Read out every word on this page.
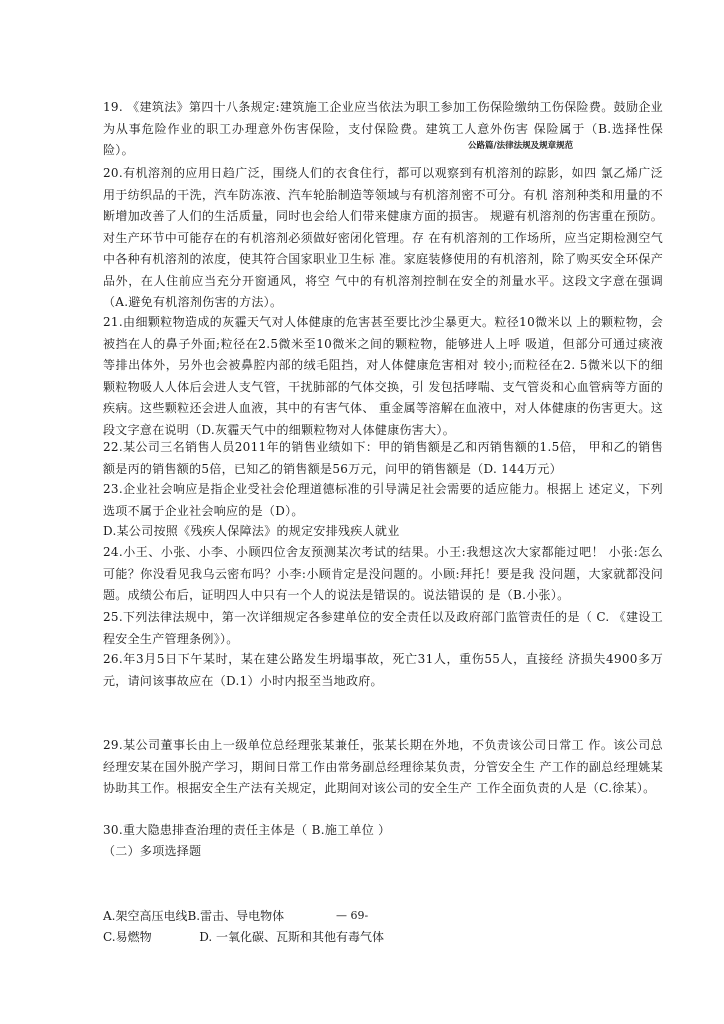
19. 《建筑法》第四十八条规定:建筑施工企业应当依法为职工参加工伤保险缴纳工伤保险费。鼓励企业为从事危险作业的职工办理意外伤害保险，支付保险费。建筑工人意外伤害 保险属于（B.选择性保险）。	公路篇/法律法规及规章规范
20.有机溶剂的应用日趋广泛，围绕人们的衣食住行，都可以观察到有机溶剂的踪影，如四 氯乙烯广泛用于纺织品的干洗，汽车防冻液、汽车轮胎制造等领域与有机溶剂密不可分。有机 溶剂种类和用量的不断增加改善了人们的生活质量，同时也会给人们带来健康方面的损害。 规避有机溶剂的伤害重在预防。对生产环节中可能存在的有机溶剂必须做好密闭化管理。存 在有机溶剂的工作场所，应当定期检测空气中各种有机溶剂的浓度，使其符合国家职业卫生标 准。家庭装修使用的有机溶剂，除了购买安全环保产品外，在人住前应当充分开窗通风，将空 气中的有机溶剂控制在安全的剂量水平。这段文字意在强调（A.避免有机溶剂伤害的方法）。
21.由细颗粒物造成的灰霾天气对人体健康的危害甚至要比沙尘暴更大。粒径10微米以 上的颗粒物，会被挡在人的鼻子外面;粒径在2.5微米至10微米之间的颗粒物，能够进人上呼 吸道，但部分可通过痰液等排出体外，另外也会被鼻腔内部的绒毛阻挡，对人体健康危害相对 较小;而粒径在2. 5微米以下的细颗粒物吸人人体后会进人支气管，干扰肺部的气体交换，引 发包括哮喘、支气管炎和心血管病等方面的疾病。这些颗粒还会进人血液，其中的有害气体、 重金属等溶解在血液中，对人体健康的伤害更大。这段文字意在说明（D.灰霾天气中的细颗粒物对人体健康伤害大）。
22.某公司三名销售人员2011年的销售业绩如下：甲的销售额是乙和丙销售额的1.5倍， 甲和乙的销售额是丙的销售额的5倍，已知乙的销售额是56万元，问甲的销售额是（D. 144万元）
23.企业社会响应是指企业受社会伦理道德标准的引导满足社会需要的适应能力。根据上 述定义，下列选项不属于企业社会响应的是（D）。
D.某公司按照《残疾人保障法》的规定安排残疾人就业
24.小王、小张、小李、小顾四位舍友预测某次考试的结果。小王:我想这次大家都能过吧！ 小张:怎么可能？你没看见我乌云密布吗？小李:小顾肯定是没问题的。小顾:拜托！要是我 没问题，大家就都没问题。成绩公布后，证明四人中只有一个人的说法是错误的。说法错误的 是（B.小张）。
25.下列法律法规中，第一次详细规定各参建单位的安全责任以及政府部门监管责任的是（ C. 《建设工程安全生产管理条例》）。
26.年3月5日下午某时，某在建公路发生坍塌事故，死亡31人，重伤55人，直接经 济损失4900多万元，请问该事故应在（D.1）小时内报至当地政府。
29.某公司董事长由上一级单位总经理张某兼任，张某长期在外地，不负责该公司日常工 作。该公司总经理安某在国外脱产学习，期间日常工作由常务副总经理徐某负责，分管安全生 产工作的副总经理姚某协助其工作。根据安全生产法有关规定，此期间对该公司的安全生产 工作全面负责的人是（C.徐某）。
30.重大隐患排查治理的责任主体是（ B.施工单位 ）
（二）多项选择题
A.架空高压电线B.雷击、导电物体	— 69-
C.易燃物	D. 一氧化碳、瓦斯和其他有毒气体
